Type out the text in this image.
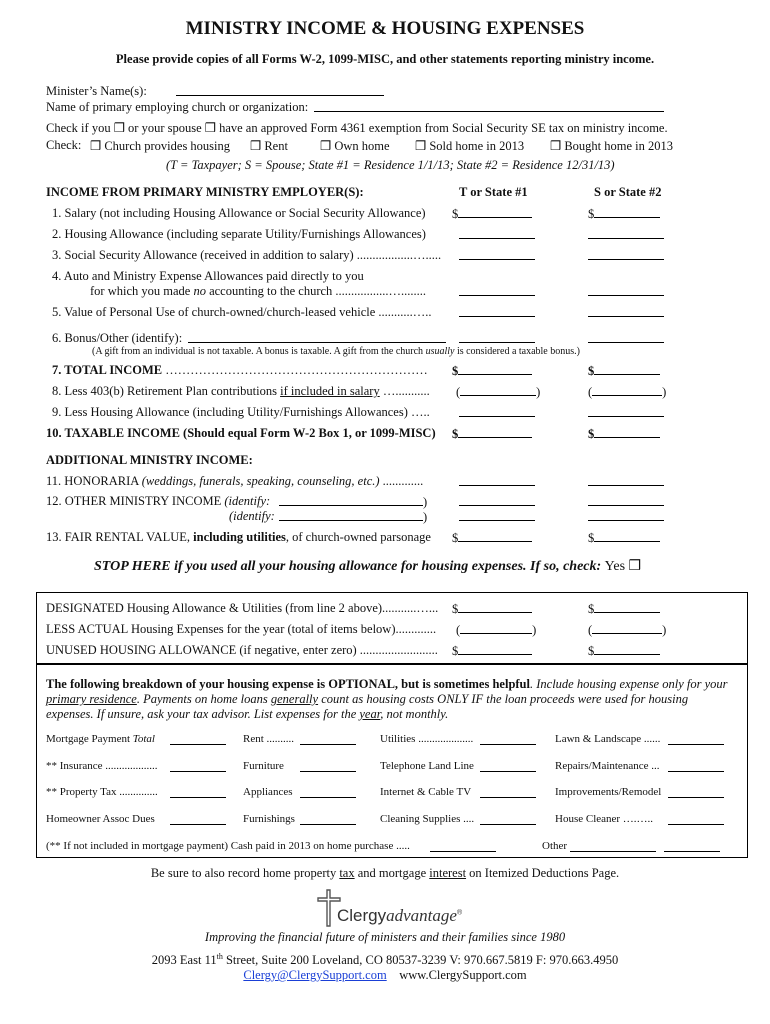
MINISTRY INCOME & HOUSING EXPENSES
Please provide copies of all Forms W-2, 1099-MISC, and other statements reporting ministry income.
Minister’s Name(s):
Name of primary employing church or organization:
Check if you ❒ or your spouse ❒ have an approved Form 4361 exemption from Social Security SE tax on ministry income.
Check: ❒ Church provides housing ❒ Rent	❒ Own home ❒ Sold home in 2013 ❒ Bought home in 2013
(T = Taxpayer; S = Spouse; State #1 = Residence 1/1/13; State #2 = Residence 12/31/13)
INCOME FROM PRIMARY MINISTRY EMPLOYER(S):	T or State #1	S or State #2
1. Salary (not including Housing Allowance or Social Security Allowance) $	$
2. Housing Allowance (including separate Utility/Furnishings Allowances)
3. Social Security Allowance (received in addition to salary) ..................….....
4. Auto and Ministry Expense Allowances paid directly to you
for which you made no accounting to the church .................…........
5. Value of Personal Use of church-owned/church-leased vehicle ...........…..
6. Bonus/Other (identify):
(A gift from an individual is not taxable. A bonus is taxable. A gift from the church usually is considered a taxable bonus.)
7. TOTAL INCOME ……………………………………………………… $	$
8. Less 403(b) Retirement Plan contributions if included in salary …........... (	)	(	)
9. Less Housing Allowance (including Utility/Furnishings Allowances) …..
10. TAXABLE INCOME (Should equal Form W-2 Box 1, or 1099-MISC) $	$
ADDITIONAL MINISTRY INCOME:
11. HONORARIA (weddings, funerals, speaking, counseling, etc.) .............
12. OTHER MINISTRY INCOME (identify:	)
(identify:	)
13. FAIR RENTAL VALUE, including utilities, of church-owned parsonage $	$
STOP HERE if you used all your housing allowance for housing expenses. If so, check: Yes ❒
DESIGNATED Housing Allowance & Utilities (from line 2 above)...........…... $	$
LESS ACTUAL Housing Expenses for the year (total of items below)............. (	)	(	)
UNUSED HOUSING ALLOWANCE (if negative, enter zero) ......................... $	$
The following breakdown of your housing expense is OPTIONAL, but is sometimes helpful. Include housing expense only for your
primary residence. Payments on home loans generally count as housing costs ONLY IF the loan proceeds were used for housing
expenses. If unsure, ask your tax advisor. List expenses for the year, not monthly.
Mortgage Payment Total	Rent ..........	Utilities ....................	Lawn & Landscape ......
** Insurance ...................	Furniture	Telephone Land Line	Repairs/Maintenance ...
** Property Tax ..............	Appliances	Internet & Cable TV	Improvements/Remodel
Homeowner Assoc Dues	Furnishings	Cleaning Supplies ....	House Cleaner ….…..
(** If not included in mortgage payment) Cash paid in 2013 on home purchase .....	Other
Be sure to also record home property tax and mortgage interest on Itemized Deductions Page.
Clergyadvantage®
Improving the financial future of ministers and their families since 1980
2093 East 11th Street, Suite 200 Loveland, CO 80537-3239 V: 970.667.5819 F: 970.663.4950
Clergy@ClergySupport.com www.ClergySupport.com
